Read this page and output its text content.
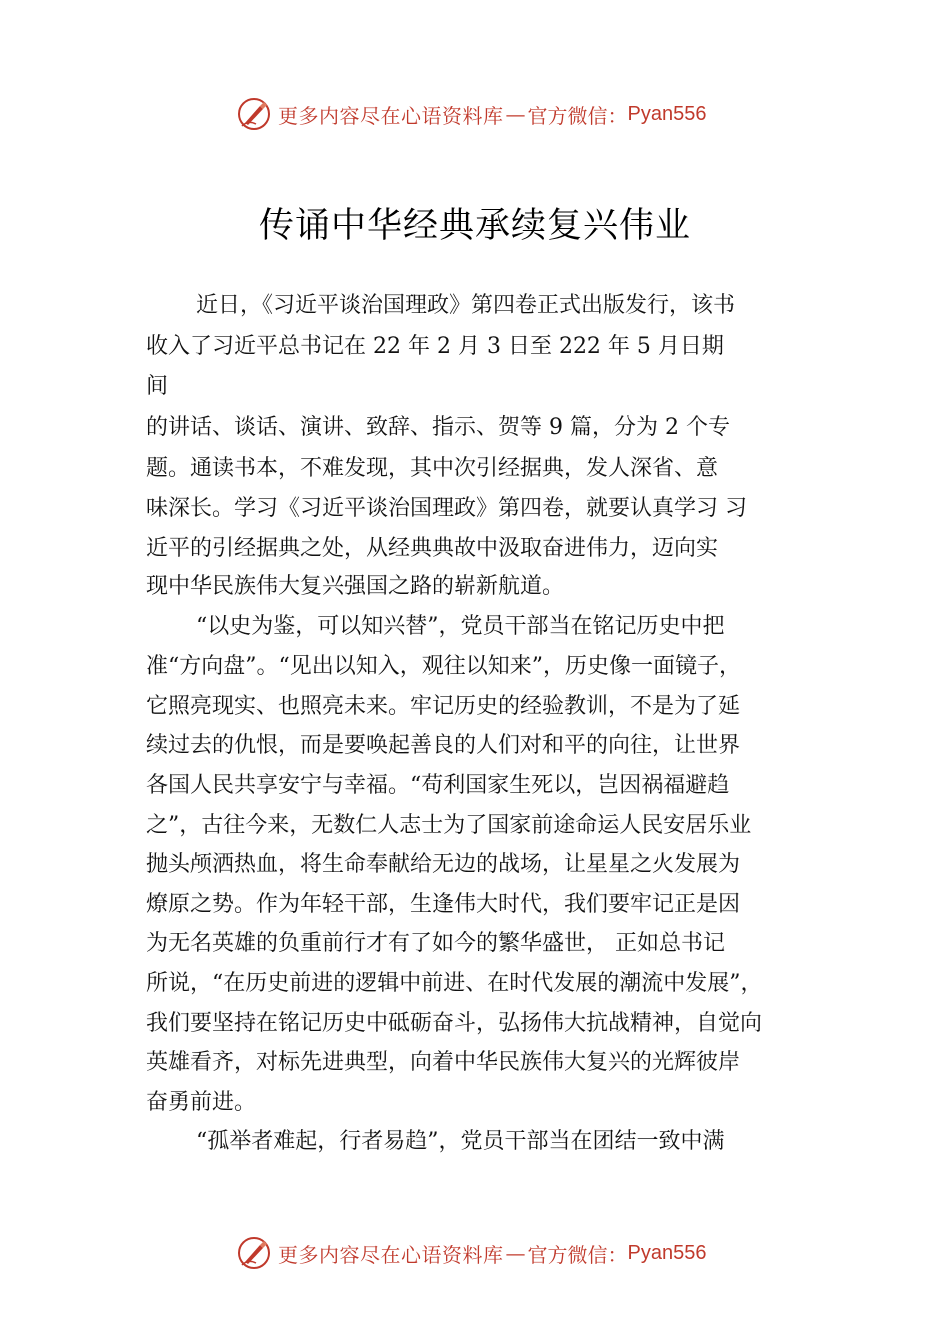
更多内容尽在心语资料库 — 官方微信： Pyan556
传诵中华经典承续复兴伟业
近日，《习近平谈治国理政》第四卷正式出版发行，该书
收入了习近平总书记在 22 年 2 月 3 日至 222 年 5 月日期
间
的讲话、谈话、演讲、致辞、指示、贺等 9 篇，分为 2 个专
题。通读书本，不难发现，其中次引经据典，发人深省、意
味深长。学习《习近平谈治国理政》第四卷，就要认真学习 习
近平的引经据典之处，从经典典故中汲取奋进伟力，迈向实
现中华民族伟大复兴强国之路的崭新航道。
“以史为鉴，可以知兴替”，党员干部当在铭记历史中把
准“方向盘”。“见出以知入，观往以知来”，历史像一面镜子，
它照亮现实、也照亮未来。牢记历史的经验教训，不是为了延
续过去的仇恨，而是要唤起善良的人们对和平的向往，让世界
各国人民共享安宁与幸福。“苟利国家生死以，岂因祸福避趋
之”，古往今来，无数仁人志士为了国家前途命运人民安居乐业
抛头颅洒热血，将生命奉献给无边的战场，让星星之火发展为
燎原之势。作为年轻干部，生逢伟大时代，我们要牢记正是因
为无名英雄的负重前行才有了如今的繁华盛世， 正如总书记
所说，“在历史前进的逻辑中前进、在时代发展的潮流中发展”，
我们要坚持在铭记历史中砥砺奋斗，弘扬伟大抗战精神，自觉向
英雄看齐，对标先进典型，向着中华民族伟大复兴的光辉彼岸
奋勇前进。
“孤举者难起，行者易趋”，党员干部当在团结一致中满
更多内容尽在心语资料库 — 官方微信： Pyan556
